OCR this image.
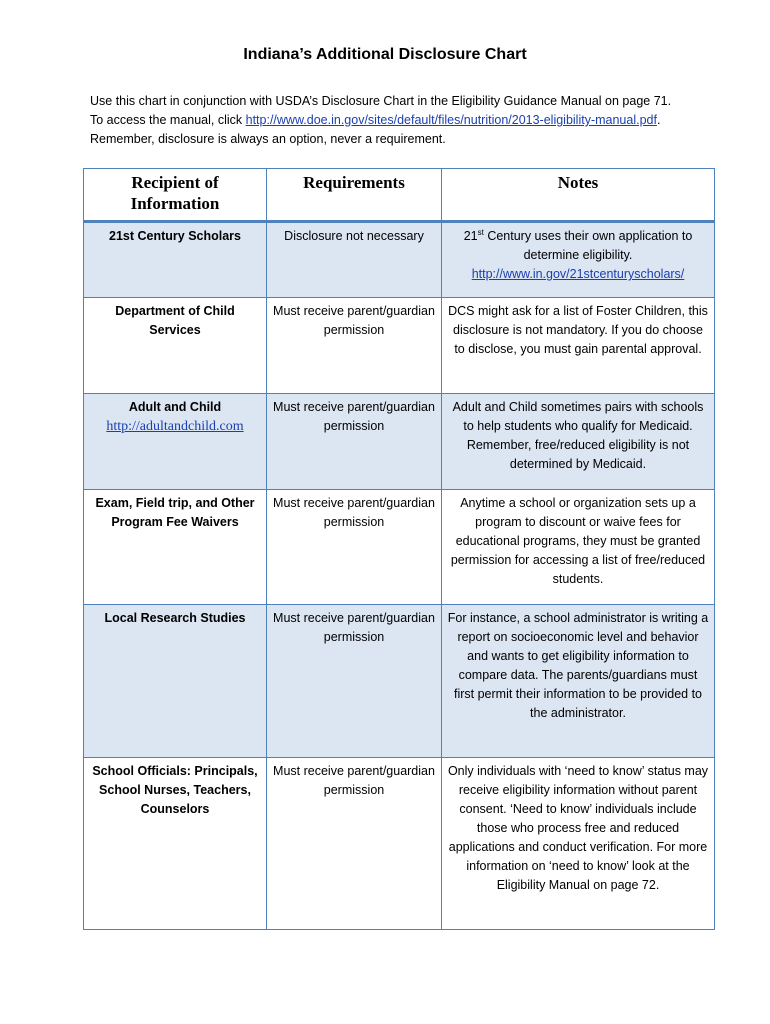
Indiana’s Additional Disclosure Chart
Use this chart in conjunction with USDA’s Disclosure Chart in the Eligibility Guidance Manual on page 71.
To access the manual, click http://www.doe.in.gov/sites/default/files/nutrition/2013-eligibility-manual.pdf. Remember, disclosure is always an option, never a requirement.
Recipient of Information	Requirements	Notes
21st Century Scholars	Disclosure not necessary	21st Century uses their own application to determine eligibility.
http://www.in.gov/21stcenturyscholars/
Department of Child Services	Must receive parent/guardian permission	DCS might ask for a list of Foster Children, this disclosure is not mandatory. If you do choose to disclose, you must gain parental approval.
Adult and Child
http://adultandchild.com	Must receive parent/guardian permission	Adult and Child sometimes pairs with schools to help students who qualify for Medicaid. Remember, free/reduced eligibility is not determined by Medicaid.
Exam, Field trip, and Other Program Fee Waivers	Must receive parent/guardian permission	Anytime a school or organization sets up a program to discount or waive fees for educational programs, they must be granted permission for accessing a list of free/reduced students.
Local Research Studies	Must receive parent/guardian permission	For instance, a school administrator is writing a report on socioeconomic level and behavior and wants to get eligibility information to compare data. The parents/guardians must first permit their information to be provided to the administrator.
School Officials: Principals, School Nurses, Teachers, Counselors	Must receive parent/guardian permission	Only individuals with ‘need to know’ status may receive eligibility information without parent consent. ‘Need to know’ individuals include those who process free and reduced applications and conduct verification. For more information on ‘need to know’ look at the Eligibility Manual on page 72.
